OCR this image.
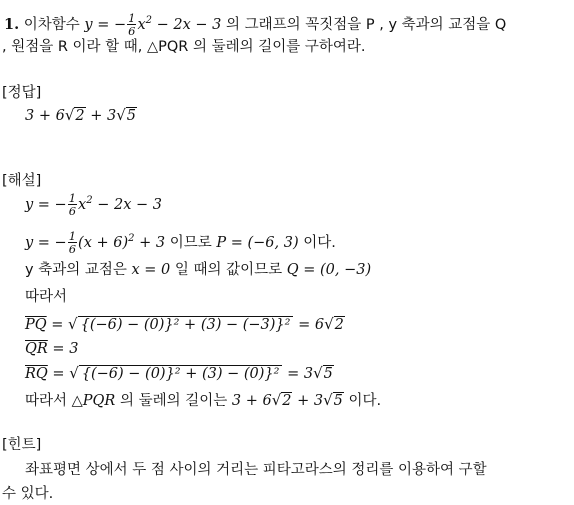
1. 이차함수 y = − $\frac{1}{6} x^2 - 2x - 3$ 의 그래프의 꼭짓점을 P , y 축과의 교점을 Q
, 원점을 R 이라 할 때, △PQR 의 둘레의 길이를 구하여라.
[정답]
3 + 6√2 + 3√5
[해설]
y = − $\frac{1}{6} x^2 - 2x - 3$
y = − $\frac{1}{6} (x + 6)^2 + 3$ 이므로 P = (−6, 3) 이다.
y 축과의 교점은 x = 0 일 때의 값이므로 Q = (0, −3)
따라서
$\overline{PQ}$ = √ {(−6) − (0)}² + (3) − (−3)}² = 6√2
$\overline{QR} = 3$
$\overline{RQ}$ = √ {(−6) − (0)}² + (3) − (0)}² = 3√5
따라서 △PQR 의 둘레의 길이는 3 + 6√2 + 3√5 이다.
[힌트]
좌표평면 상에서 두 점 사이의 거리는 피타고라스의 정리를 이용하여 구할
수 있다.
